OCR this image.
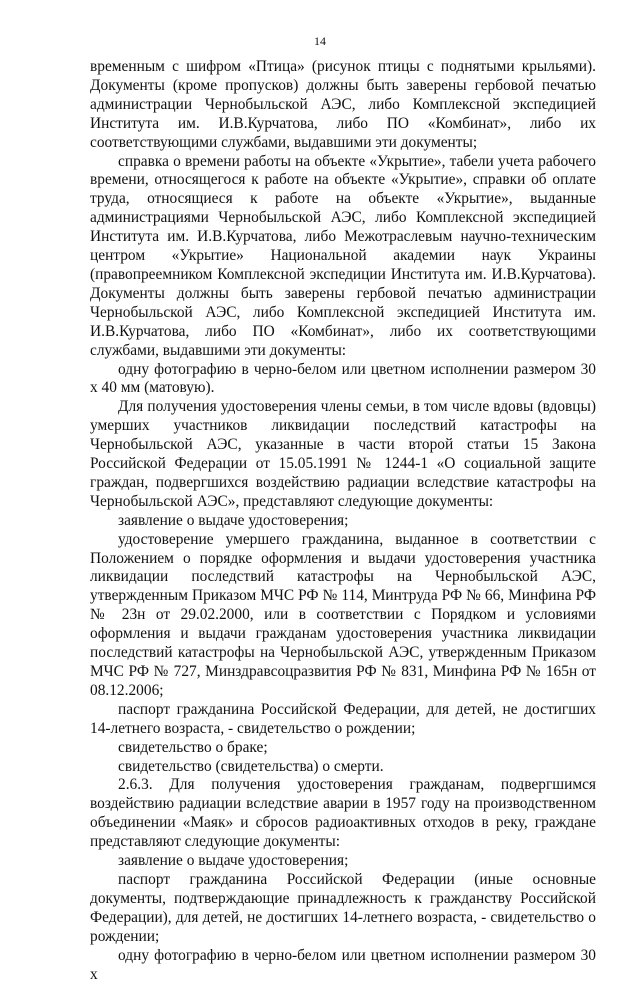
14

временным с шифром «Птица» (рисунок птицы с поднятыми крыльями). Документы (кроме пропусков) должны быть заверены гербовой печатью администрации Чернобыльской АЭС, либо Комплексной экспедицией Института им. И.В.Курчатова, либо ПО «Комбинат», либо их соответствующими службами, выдавшими эти документы;

справка о времени работы на объекте «Укрытие», табели учета рабочего времени, относящегося к работе на объекте «Укрытие», справки об оплате труда, относящиеся к работе на объекте «Укрытие», выданные администрациями Чернобыльской АЭС, либо Комплексной экспедицией Института им. И.В.Курчатова, либо Межотраслевым научно-техническим центром «Укрытие» Национальной академии наук Украины (правопреемником Комплексной экспедиции Института им. И.В.Курчатова). Документы должны быть заверены гербовой печатью администрации Чернобыльской АЭС, либо Комплексной экспедицией Института им. И.В.Курчатова, либо ПО «Комбинат», либо их соответствующими службами, выдавшими эти документы:

одну фотографию в черно-белом или цветном исполнении размером 30 х 40 мм (матовую).

Для получения удостоверения члены семьи, в том числе вдовы (вдовцы) умерших участников ликвидации последствий катастрофы на Чернобыльской АЭС, указанные в части второй статьи 15 Закона Российской Федерации от 15.05.1991 № 1244-1 «О социальной защите граждан, подвергшихся воздействию радиации вследствие катастрофы на Чернобыльской АЭС», представляют следующие документы:

заявление о выдаче удостоверения;

удостоверение умершего гражданина, выданное в соответствии с Положением о порядке оформления и выдачи удостоверения участника ликвидации последствий катастрофы на Чернобыльской АЭС, утвержденным Приказом МЧС РФ № 114, Минтруда РФ № 66, Минфина РФ № 23н от 29.02.2000, или в соответствии с Порядком и условиями оформления и выдачи гражданам удостоверения участника ликвидации последствий катастрофы на Чернобыльской АЭС, утвержденным Приказом МЧС РФ № 727, Минздравсоцразвития РФ № 831, Минфина РФ № 165н от 08.12.2006;

паспорт гражданина Российской Федерации, для детей, не достигших 14-летнего возраста, - свидетельство о рождении;

свидетельство о браке;

свидетельство (свидетельства) о смерти.

2.6.3. Для получения удостоверения гражданам, подвергшимся воздействию радиации вследствие аварии в 1957 году на производственном объединении «Маяк» и сбросов радиоактивных отходов в реку, граждане представляют следующие документы:

заявление о выдаче удостоверения;

паспорт гражданина Российской Федерации (иные основные документы, подтверждающие принадлежность к гражданству Российской Федерации), для детей, не достигших 14-летнего возраста, - свидетельство о рождении;

одну фотографию в черно-белом или цветном исполнении размером 30 х
